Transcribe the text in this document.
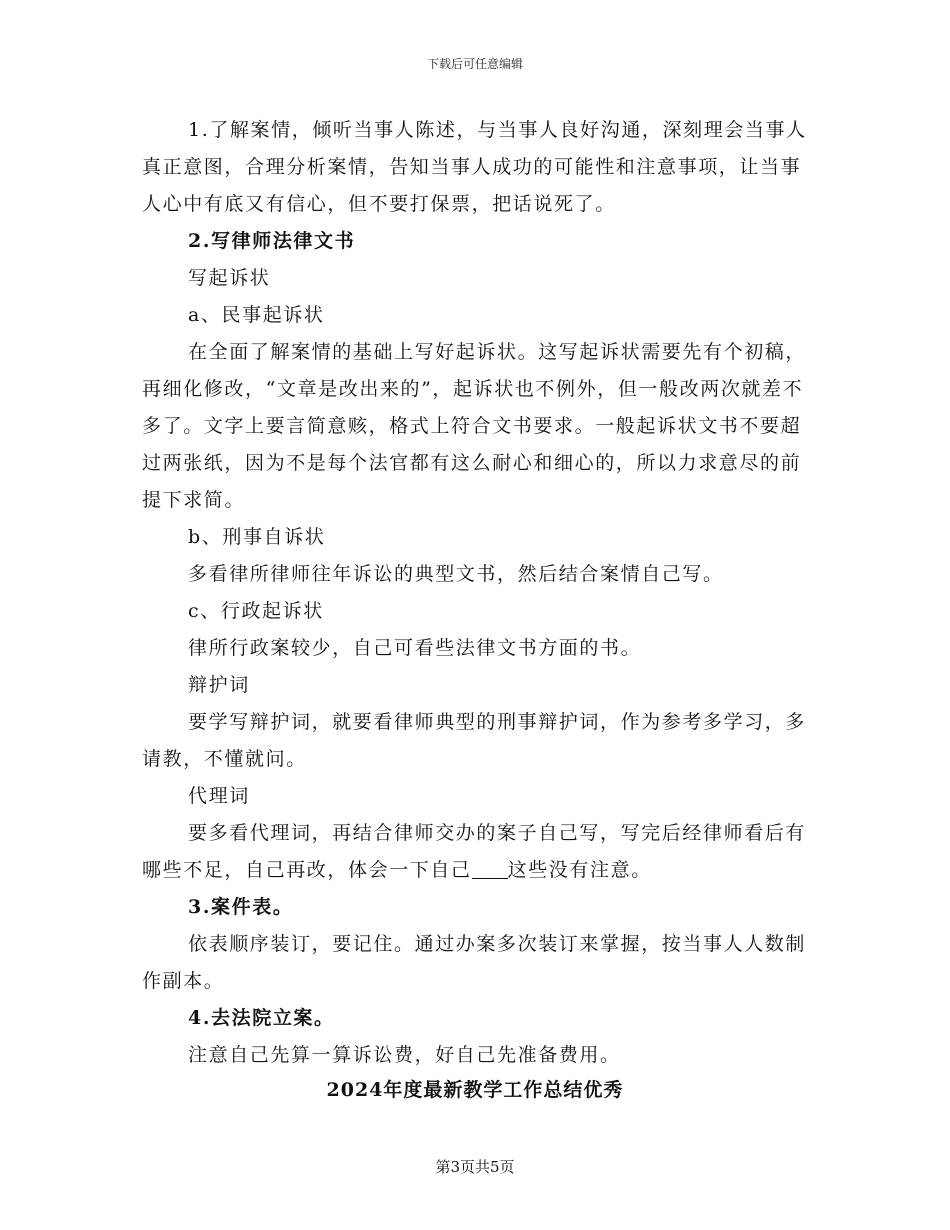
下载后可任意编辑

1.了解案情，倾听当事人陈述，与当事人良好沟通，深刻理会当事人真正意图，合理分析案情，告知当事人成功的可能性和注意事项，让当事人心中有底又有信心，但不要打保票，把话说死了。

2.写律师法律文书

写起诉状

a、民事起诉状

在全面了解案情的基础上写好起诉状。这写起诉状需要先有个初稿，再细化修改，“文章是改出来的”，起诉状也不例外，但一般改两次就差不多了。文字上要言简意赅，格式上符合文书要求。一般起诉状文书不要超过两张纸，因为不是每个法官都有这么耐心和细心的，所以力求意尽的前提下求简。

b、刑事自诉状

多看律所律师往年诉讼的典型文书，然后结合案情自己写。

c、行政起诉状

律所行政案较少，自己可看些法律文书方面的书。

辩护词

要学写辩护词，就要看律师典型的刑事辩护词，作为参考多学习，多请教，不懂就问。

代理词

要多看代理词，再结合律师交办的案子自己写，写完后经律师看后有哪些不足，自己再改，体会一下自己 这些没有注意。

3.案件表。

依表顺序装订，要记住。通过办案多次装订来掌握，按当事人人数制作副本。

4.去法院立案。

注意自己先算一算诉讼费，好自己先准备费用。

2024年度最新教学工作总结优秀
第3页共5页
